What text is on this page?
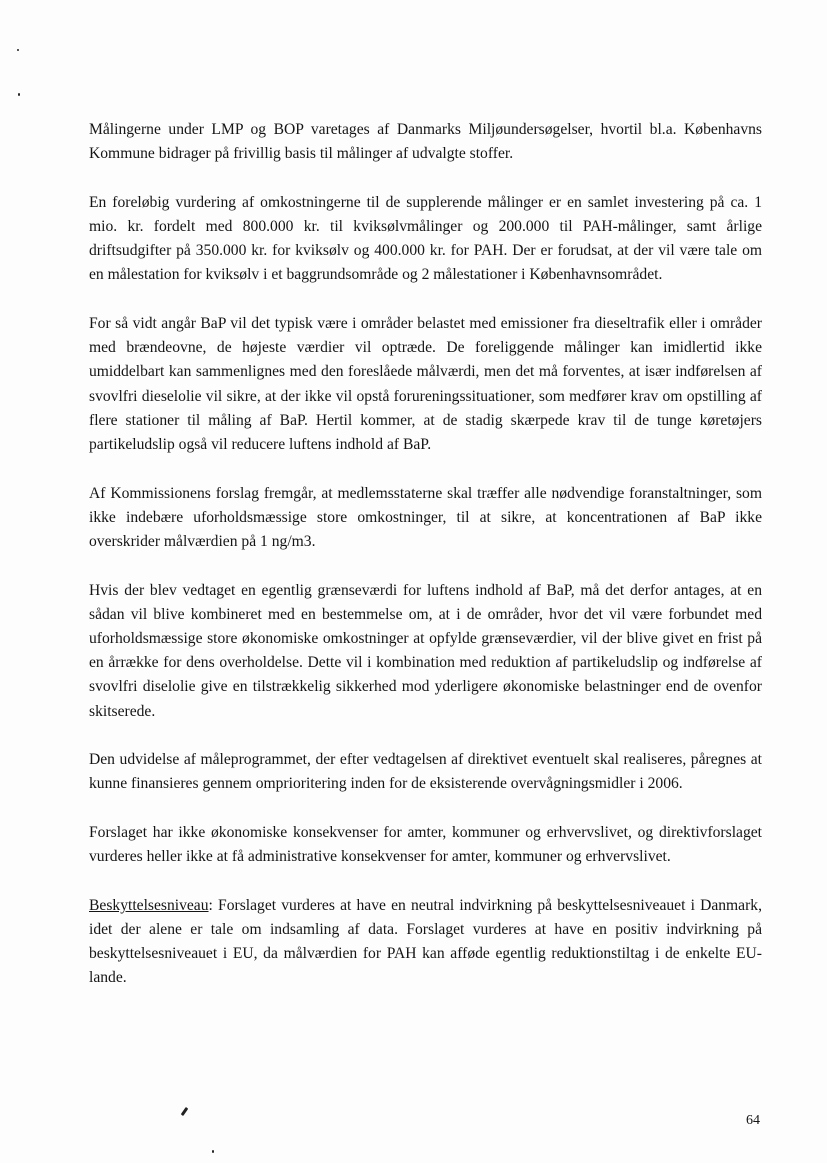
Målingerne under LMP og BOP varetages af Danmarks Miljøundersøgelser, hvortil bl.a. Københavns Kommune bidrager på frivillig basis til målinger af udvalgte stoffer.

En foreløbig vurdering af omkostningerne til de supplerende målinger er en samlet investering på ca. 1 mio. kr. fordelt med 800.000 kr. til kviksølvmålinger og 200.000 til PAH-målinger, samt årlige driftsudgifter på 350.000 kr. for kviksølv og 400.000 kr. for PAH. Der er forudsat, at der vil være tale om en målestation for kviksølv i et baggrundsområde og 2 målestationer i Københavnsområdet.

For så vidt angår BaP vil det typisk være i områder belastet med emissioner fra dieseltrafik eller i områder med brændeovne, de højeste værdier vil optræde. De foreliggende målinger kan imidlertid ikke umiddelbart kan sammenlignes med den foreslåede målværdi, men det må forventes, at især indførelsen af svovlfri dieselolie vil sikre, at der ikke vil opstå forureningssituationer, som medfører krav om opstilling af flere stationer til måling af BaP. Hertil kommer, at de stadig skærpede krav til de tunge køretøjers partikeludslip også vil reducere luftens indhold af BaP.

Af Kommissionens forslag fremgår, at medlemsstaterne skal træffer alle nødvendige foranstaltninger, som ikke indebære uforholdsmæssige store omkostninger, til at sikre, at koncentrationen af BaP ikke overskrider målværdien på 1 ng/m3.

Hvis der blev vedtaget en egentlig grænseværdi for luftens indhold af BaP, må det derfor antages, at en sådan vil blive kombineret med en bestemmelse om, at i de områder, hvor det vil være forbundet med uforholdsmæssige store økonomiske omkostninger at opfylde grænseværdier, vil der blive givet en frist på en årrække for dens overholdelse. Dette vil i kombination med reduktion af partikeludslip og indførelse af svovlfri diselolie give en tilstrækkelig sikkerhed mod yderligere økonomiske belastninger end de ovenfor skitserede.

Den udvidelse af måleprogrammet, der efter vedtagelsen af direktivet eventuelt skal realiseres, påregnes at kunne finansieres gennem omprioritering inden for de eksisterende overvågningsmidler i 2006.

Forslaget har ikke økonomiske konsekvenser for amter, kommuner og erhvervslivet, og direktivforslaget vurderes heller ikke at få administrative konsekvenser for amter, kommuner og erhvervslivet.

Beskyttelsesniveau: Forslaget vurderes at have en neutral indvirkning på beskyttelsesniveauet i Danmark, idet der alene er tale om indsamling af data. Forslaget vurderes at have en positiv indvirkning på beskyttelsesniveauet i EU, da målværdien for PAH kan afføde egentlig reduktionstiltag i de enkelte EU-lande.

64
